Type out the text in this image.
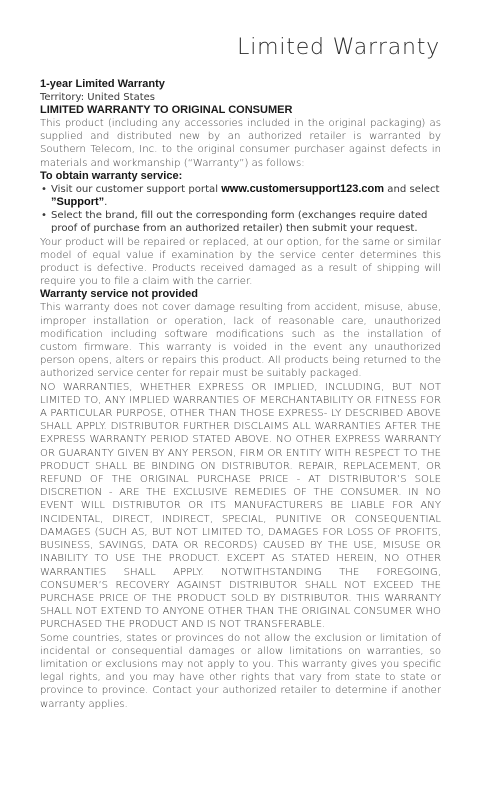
Limited Warranty
1-year Limited Warranty
Territory: United States
LIMITED WARRANTY TO ORIGINAL CONSUMER

This product (including any accessories included in the original packaging) as supplied and distributed new by an authorized retailer is warranted by Southern Telecom, Inc. to the original consumer purchaser against defects in materials and workmanship (“Warranty”) as follows:

To obtain warranty service:
• Visit our customer support portal www.customersupport123.com and select ”Support”.
• Select the brand, fill out the corresponding form (exchanges require dated proof of purchase from an authorized retailer) then submit your request.

Your product will be repaired or replaced, at our option, for the same or similar model of equal value if examination by the service center determines this product is defective. Products received damaged as a result of shipping will require you to file a claim with the carrier.

Warranty service not provided

This warranty does not cover damage resulting from accident, misuse, abuse, improper installation or operation, lack of reasonable care, unauthorized modification including software modifications such as the installation of custom firmware. This warranty is voided in the event any unauthorized person opens, alters or repairs this product. All products being returned to the authorized service center for repair must be suitably packaged.

NO WARRANTIES, WHETHER EXPRESS OR IMPLIED, INCLUDING, BUT NOT LIMITED TO, ANY IMPLIED WARRANTIES OF MERCHANTABILITY OR FITNESS FOR A PARTICULAR PURPOSE, OTHER THAN THOSE EXPRESS- LY DESCRIBED ABOVE SHALL APPLY. DISTRIBUTOR FURTHER DISCLAIMS ALL WARRANTIES AFTER THE EXPRESS WARRANTY PERIOD STATED ABOVE. NO OTHER EXPRESS WARRANTY OR GUARANTY GIVEN BY ANY PERSON, FIRM OR ENTITY WITH RESPECT TO THE PRODUCT SHALL BE BINDING ON DISTRIBUTOR. REPAIR, REPLACEMENT, OR REFUND OF THE ORIGINAL PURCHASE PRICE - AT DISTRIBUTOR’S SOLE DISCRETION - ARE THE EXCLUSIVE REMEDIES OF THE CONSUMER. IN NO EVENT WILL DISTRIBUTOR OR ITS MANUFACTURERS BE LIABLE FOR ANY INCIDENTAL, DIRECT, INDIRECT, SPECIAL, PUNITIVE OR CONSEQUENTIAL DAMAGES (SUCH AS, BUT NOT LIMITED TO, DAMAGES FOR LOSS OF PROFITS, BUSINESS, SAVINGS, DATA OR RECORDS) CAUSED BY THE USE, MISUSE OR INABILITY TO USE THE PRODUCT. EXCEPT AS STATED HEREIN, NO OTHER WARRANTIES SHALL APPLY. NOTWITHSTANDING THE FOREGOING, CONSUMER’S RECOVERY AGAINST DISTRIBUTOR SHALL NOT EXCEED THE PURCHASE PRICE OF THE PRODUCT SOLD BY DISTRIBUTOR. THIS WARRANTY SHALL NOT EXTEND TO ANYONE OTHER THAN THE ORIGINAL CONSUMER WHO PURCHASED THE PRODUCT AND IS NOT TRANSFERABLE.

Some countries, states or provinces do not allow the exclusion or limitation of incidental or consequential damages or allow limitations on warranties, so limitation or exclusions may not apply to you. This warranty gives you specific legal rights, and you may have other rights that vary from state to state or province to province. Contact your authorized retailer to determine if another warranty applies.
